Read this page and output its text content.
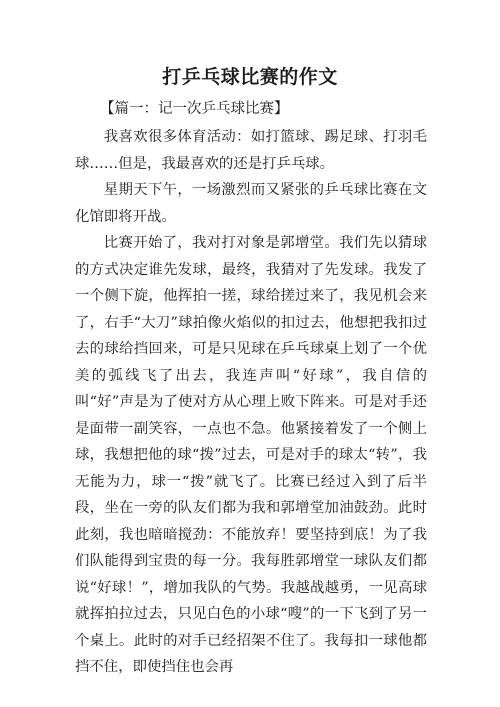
打乒乓球比赛的作文
【篇一：记一次乒乓球比赛】

我喜欢很多体育活动：如打篮球、踢足球、打羽毛球……但是，我最喜欢的还是打乒乓球。

星期天下午，一场激烈而又紧张的乒乓球比赛在文化馆即将开战。

比赛开始了，我对打对象是郭增堂。我们先以猜球的方式决定谁先发球，最终，我猜对了先发球。我发了一个侧下旋，他挥拍一搓，球给搓过来了，我见机会来了，右手“大刀”球拍像火焰似的扣过去，他想把我扣过去的球给挡回来，可是只见球在乒乓球桌上划了一个优美的弧线飞了出去，我连声叫“好球”，我自信的叫“好”声是为了使对方从心理上败下阵来。可是对手还是面带一副笑容，一点也不急。他紧接着发了一个侧上球，我想把他的球“拨”过去，可是对手的球太“转”，我无能为力，球一“拨”就飞了。比赛已经过入到了后半段，坐在一旁的队友们都为我和郭增堂加油鼓劲。此时此刻，我也暗暗搅劲：不能放弃！要坚持到底！为了我们队能得到宝贵的每一分。我每胜郭增堂一球队友们都说“好球！”，增加我队的气势。我越战越勇，一见高球就挥拍拉过去，只见白色的小球“嗖”的一下飞到了另一个桌上。此时的对手已经招架不住了。我每扣一球他都挡不住，即使挡住也会再
